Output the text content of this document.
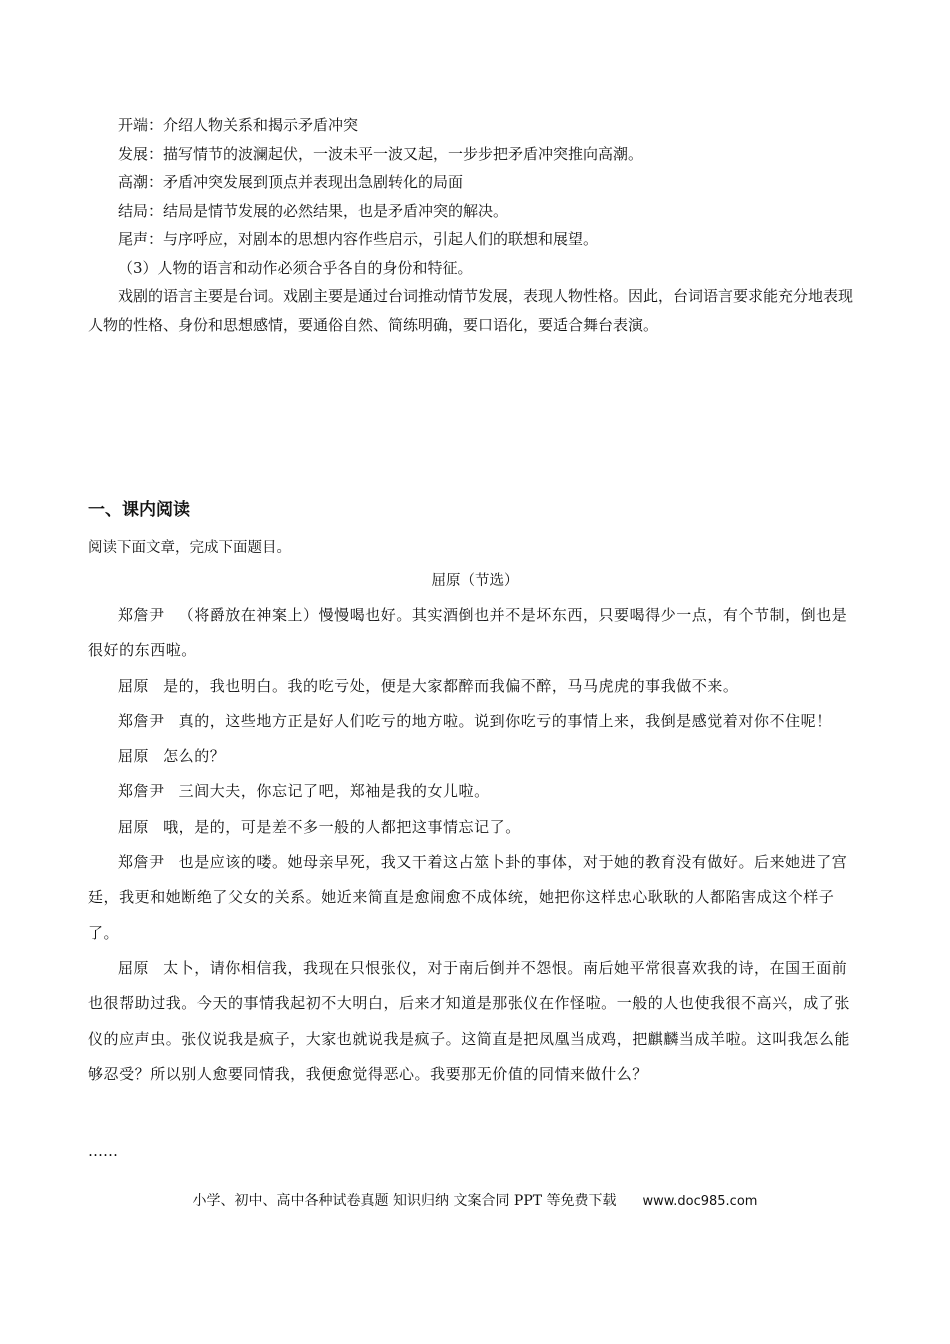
开端：介绍人物关系和揭示矛盾冲突

发展：描写情节的波澜起伏，一波未平一波又起，一步步把矛盾冲突推向高潮。

高潮：矛盾冲突发展到顶点并表现出急剧转化的局面

结局：结局是情节发展的必然结果，也是矛盾冲突的解决。

尾声：与序呼应，对剧本的思想内容作些启示，引起人们的联想和展望。

（3）人物的语言和动作必须合乎各自的身份和特征。

戏剧的语言主要是台词。戏剧主要是通过台词推动情节发展，表现人物性格。因此，台词语言要求能充分地表现人物的性格、身份和思想感情，要通俗自然、简练明确，要口语化，要适合舞台表演。

一、课内阅读

阅读下面文章，完成下面题目。

屈原（节选）

郑詹尹 （将爵放在神案上）慢慢喝也好。其实酒倒也并不是坏东西，只要喝得少一点，有个节制，倒也是很好的东西啦。

屈原 是的，我也明白。我的吃亏处，便是大家都醉而我偏不醉，马马虎虎的事我做不来。

郑詹尹 真的，这些地方正是好人们吃亏的地方啦。说到你吃亏的事情上来，我倒是感觉着对你不住呢！

屈原 怎么的？

郑詹尹 三闾大夫，你忘记了吧，郑袖是我的女儿啦。

屈原 哦，是的，可是差不多一般的人都把这事情忘记了。

郑詹尹 也是应该的喽。她母亲早死，我又干着这占筮卜卦的事体，对于她的教育没有做好。后来她进了宫廷，我更和她断绝了父女的关系。她近来简直是愈闹愈不成体统，她把你这样忠心耿耿的人都陷害成这个样子了。

屈原 太卜，请你相信我，我现在只恨张仪，对于南后倒并不怨恨。南后她平常很喜欢我的诗，在国王面前也很帮助过我。今天的事情我起初不大明白，后来才知道是那张仪在作怪啦。一般的人也使我很不高兴，成了张仪的应声虫。张仪说我是疯子，大家也就说我是疯子。这简直是把凤凰当成鸡，把麒麟当成羊啦。这叫我怎么能够忍受？所以别人愈要同情我，我便愈觉得恶心。我要那无价值的同情来做什么？

……

小学、初中、高中各种试卷真题 知识归纳 文案合同 PPT 等免费下载 www.doc985.com
